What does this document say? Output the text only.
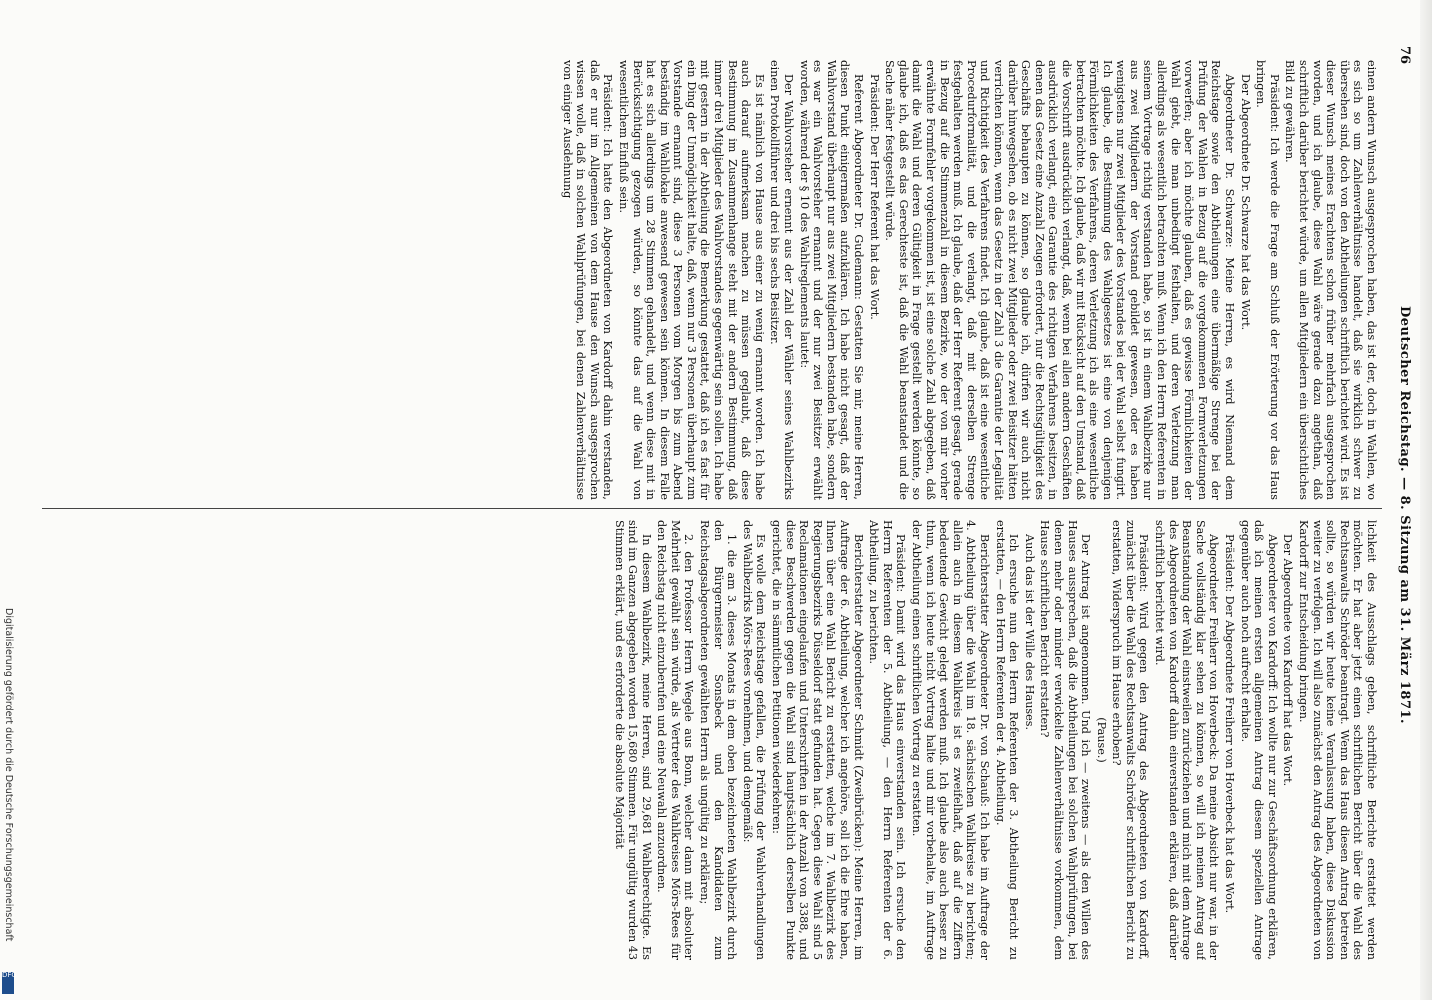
76
Deutscher Reichstag. — 8. Sitzung am 31. März 1871.

einen andern Wunsch ausgesprochen haben, das ist der, doch in Wahlen, wo es sich so um Zahlenverhältnisse handelt, daß sie wirklich schwer zu übersehen sind, doch von den Abtheilungen schriftlich berichtet wird. Es ist dieser Wunsch meines Erachtens schon früher mehrfach ausgesprochen worden, und ich glaube, diese Wahl wäre gerade dazu angethan, daß schriftlich darüber berichtet würde, um allen Mitgliedern ein übersichtliches Bild zu gewähren.

Präsident: Ich werde die Frage am Schluß der Erörterung vor das Haus bringen.

Der Abgeordnete Dr. Schwarze hat das Wort.

Abgeordneter Dr. Schwarze: Meine Herren, es wird Niemand dem Reichstage sowie den Abtheilungen eine übermäßige Strenge bei der Prüfung der Wahlen in Bezug auf die vorgekommenen Formverletzungen vorwerfen; aber ich möchte glauben, daß es gewisse Förmlichkeiten der Wahl giebt, die man unbedingt festhalten, und deren Verletzung man allerdings als wesentlich betrachten muß. Wenn ich den Herrn Referenten in seinem Vortrage richtig verstanden habe, so ist in einem Wahlbezirke nur aus zwei Mitgliedern der Vorstand gebildet gewesen, oder es haben wenigstens nur zwei Mitglieder des Vorstandes bei der Wahl selbst fungirt. Ich glaube, die Bestimmung des Wahlgesetzes ist eine von denjenigen Förmlichkeiten des Verfahrens, deren Verletzung ich als eine wesentliche betrachten möchte. Ich glaube, daß wir mit Rücksicht auf den Umstand, daß die Vorschrift ausdrücklich verlangt, daß, wenn bei allen andern Geschäften ausdrücklich verlangt, eine Garantie des richtigen Verfahrens besitzen, in denen das Gesetz eine Anzahl Zeugen erfordert, nur die Rechtsgültigkeit des Geschäfts behaupten zu können, so glaube ich, dürfen wir auch nicht darüber hinwegsehen, ob es nicht zwei Mitglieder oder zwei Beisitzer hätten verrichten können, wenn das Gesetz in der Zahl 3 die Garantie der Legalität und Richtigkeit des Verfahrens findet. Ich glaube, daß ist eine wesentliche Procedurformalität, und die verlangt, daß mit derselben Strenge festgehalten werden muß. Ich glaube, daß der Herr Referent gesagt, gerade in Bezug auf die Stimmenzahl in diesem Bezirke, wo der von mir vorher erwähnte Formfehler vorgekommen ist, ist eine solche Zahl abgegeben, daß damit die Wahl und deren Gültigkeit in Frage gestellt werden könnte, so glaube ich, daß es das Gerechteste ist, daß die Wahl beanstandet und die Sache näher festgestellt würde.

Präsident: Der Herr Referent hat das Wort.

Referent Abgeordneter Dr. Gudemann: Gestatten Sie mir, meine Herren, diesen Punkt einigermaßen aufzuklären. Ich habe nicht gesagt, daß der Wahlvorstand überhaupt nur aus zwei Mitgliedern bestanden habe, sondern es war ein Wahlvorsteher ernannt und der nur zwei Beisitzer erwählt worden, während der § 10 des Wahlreglements lautet:

Der Wahlvorsteher ernennt aus der Zahl der Wähler seines Wahlbezirks einen Protokollführer und drei bis sechs Beisitzer.

Es ist nämlich von Hause aus einer zu wenig ernannt worden. Ich habe auch darauf aufmerksam machen zu müssen geglaubt, daß diese Bestimmung im Zusammenhange steht mit der andern Bestimmung, daß immer drei Mitglieder des Wahlvorstandes gegenwärtig sein sollen. Ich habe mit gestern in der Abtheilung die Bemerkung gestattet, daß ich es fast für ein Ding der Unmöglichkeit halte, daß, wenn nur 3 Personen überhaupt zum Vorstande ernannt sind, diese 3 Personen vom Morgen bis zum Abend beständig im Wahllokale anwesend gewesen sein können. In diesem Falle hat es sich allerdings um 28 Stimmen gehandelt, und wenn diese mit in Berücksichtigung gezogen würden, so könnte das auf die Wahl von wesentlichem Einfluß sein.

Präsident: Ich hatte den Abgeordneten von Kardorff dahin verstanden, daß er nur im Allgemeinen von dem Hause den Wunsch ausgesprochen wissen wolle, daß in solchen Wahlprüfungen, bei denen Zahlenverhältnisse von einiger Ausdehnung

lichkeit des Ausschlags geben, schriftliche Berichte erstattet werden möchten. Er hat aber jetzt einen schriftlichen Bericht über die Wahl des Rechtsanwalts Schröder beantragt. Wenn das Haus diesen Antrag betreten sollte, so würden wir heute keine Veranlassung haben, diese Diskussion weiter zu verfolgen. Ich will also zunächst den Antrag des Abgeordneten von Kardorff zur Entscheidung bringen.

Der Abgeordnete von Kardorff hat das Wort.

Abgeordneter von Kardorff: Ich wollte nur zur Geschäftsordnung erklären, daß ich meinen ersten allgemeinen Antrag diesem speziellen Antrage gegenüber auch noch aufrecht erhalte.

Präsident: Der Abgeordnete Freiherr von Hoverbeck hat das Wort.

Abgeordneter Freiherr von Hoverbeck: Da meine Absicht nur war, in der Sache vollständig klar sehen zu können, so will ich meinen Antrag auf Beanstandung der Wahl einstweilen zurückziehen und mich mit dem Antrage des Abgeordneten von Kardorff dahin einverstanden erklären, daß darüber schriftlich berichtet wird.

Präsident: Wird gegen den Antrag des Abgeordneten von Kardorff, zunächst über die Wahl des Rechtsanwalts Schröder schriftlichen Bericht zu erstatten, Widerspruch im Hause erhoben?

(Pause.)

Der Antrag ist angenommen. Und ich — zweitens — als den Willen des Hauses aussprechen, daß die Abtheilungen bei solchen Wahlprüfungen, bei denen mehr oder minder verwickelte Zahlenverhältnisse vorkommen, dem Hause schriftlichen Bericht erstatten?

Auch das ist der Wille des Hauses.

Ich ersuche nun den Herrn Referenten der 3. Abtheilung Bericht zu erstatten, — den Herrn Referenten der 4. Abtheilung.

Berichterstatter Abgeordneter Dr. von Schauß: Ich habe im Auftrage der 4. Abtheilung über die Wahl im 18. sächsischen Wahlkreise zu berichten; allein auch in diesem Wahlkreis ist es zweifelhaft, daß auf die Ziffern bedeutende Gewicht gelegt werden muß. Ich glaube also auch besser zu thun, wenn ich heute nicht Vortrag halte und mir vorbehalte, im Auftrage der Abtheilung einen schriftlichen Vortrag zu erstatten.

Präsident: Damit wird das Haus einverstanden sein. Ich ersuche den Herrn Referenten der 5. Abtheilung, — den Herrn Referenten der 6. Abtheilung, zu berichten.

Berichterstatter Abgeordneter Schmidt (Zweibrücken): Meine Herren, im Auftrage der 6. Abtheilung, welcher ich angehöre, soll ich die Ehre haben, Ihnen über eine Wahl Bericht zu erstatten, welche im 7. Wahlbezirk des Regierungsbezirks Düsseldorf statt gefunden hat. Gegen diese Wahl sind 5 Reclamationen eingelaufen und Unterschriften in der Anzahl von 3388, und diese Beschwerden gegen die Wahl sind hauptsächlich derselben Punkte gerichtet, die in sämmtlichen Petitionen wiederkehren:

Es wolle dem Reichstage gefallen, die Prüfung der Wahlverhandlungen des Wahlbezirks Mörs-Rees vornehmen, und demgemäß:

1. die am 3. dieses Monats in dem oben bezeichneten Wahlbezirk durch den Bürgermeister Sonsbeck und den Kandidaten zum Reichstagsabgeordneten gewählten Herrn als ungültig zu erklären;

2. den Professor Herrn Wegele aus Bonn, welcher dann mit absoluter Mehrheit gewählt sein würde, als Vertreter des Wahlkreises Mörs-Rees für den Reichstag nicht einzuberufen und eine Neuwahl anzuordnen.

In diesem Wahlbezirk, meine Herren, sind 29,681 Wahlberechtigte. Es sind im Ganzen abgegeben worden 15,680 Stimmen. Für ungültig wurden 43 Stimmen erklärt, und es erforderte die absolute Majorität

Digitalisierung gefördert durch die Deutsche Forschungsgemeinschaft
DFG
